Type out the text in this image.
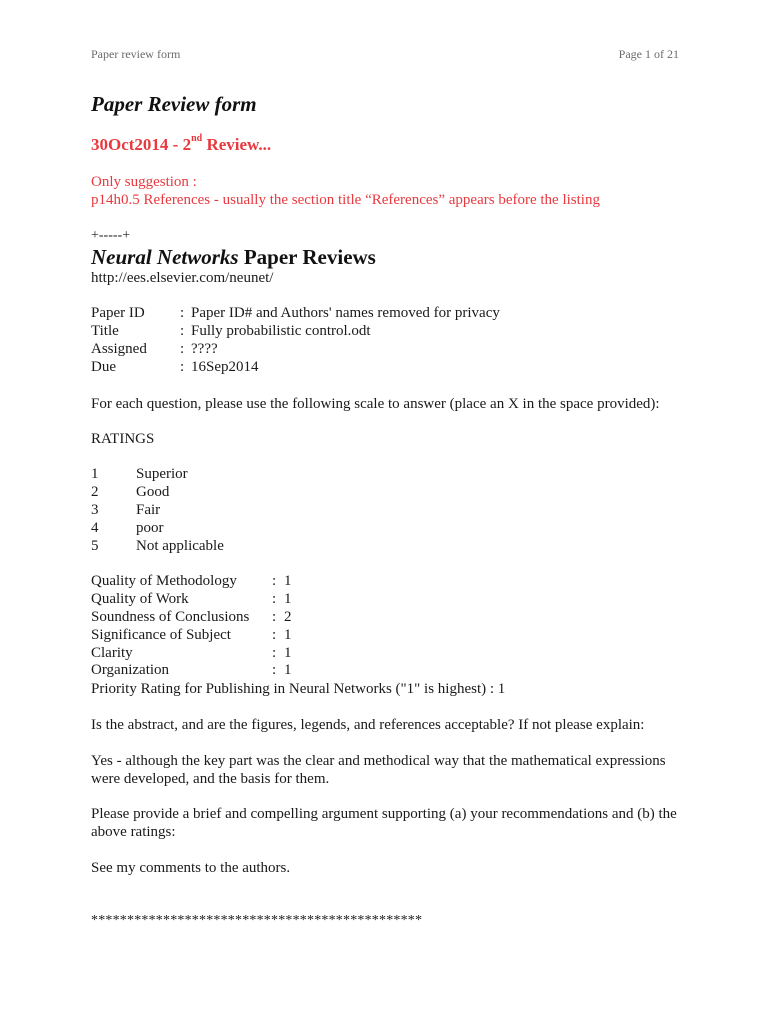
Paper review form	Page 1 of 21
Paper Review form
30Oct2014 - 2nd Review...
Only suggestion :
p14h0.5 References - usually the section title “References” appears before the listing
+-----+
Neural Networks Paper Reviews
http://ees.elsevier.com/neunet/
Paper ID : Paper ID# and Authors' names removed for privacy
Title	: Fully probabilistic control.odt
Assigned : ????
Due	: 16Sep2014
For each question, please use the following scale to answer (place an X in the space provided):
RATINGS
1	Superior
2	Good
3	Fair
4	poor
5	Not applicable
Quality of Methodology : 1
Quality of Work	: 1
Soundness of Conclusions : 2
Significance of Subject	: 1
Clarity	: 1
Organization	: 1
Priority Rating for Publishing in Neural Networks ("1" is highest) : 1
Is the abstract, and are the figures, legends, and references acceptable? If not please explain:
Yes - although the key part was the clear and methodical way that the mathematical expressions were developed, and the basis for them.
Please provide a brief and compelling argument supporting (a) your recommendations and (b) the above ratings:
See my comments to the authors.
**********************************************
